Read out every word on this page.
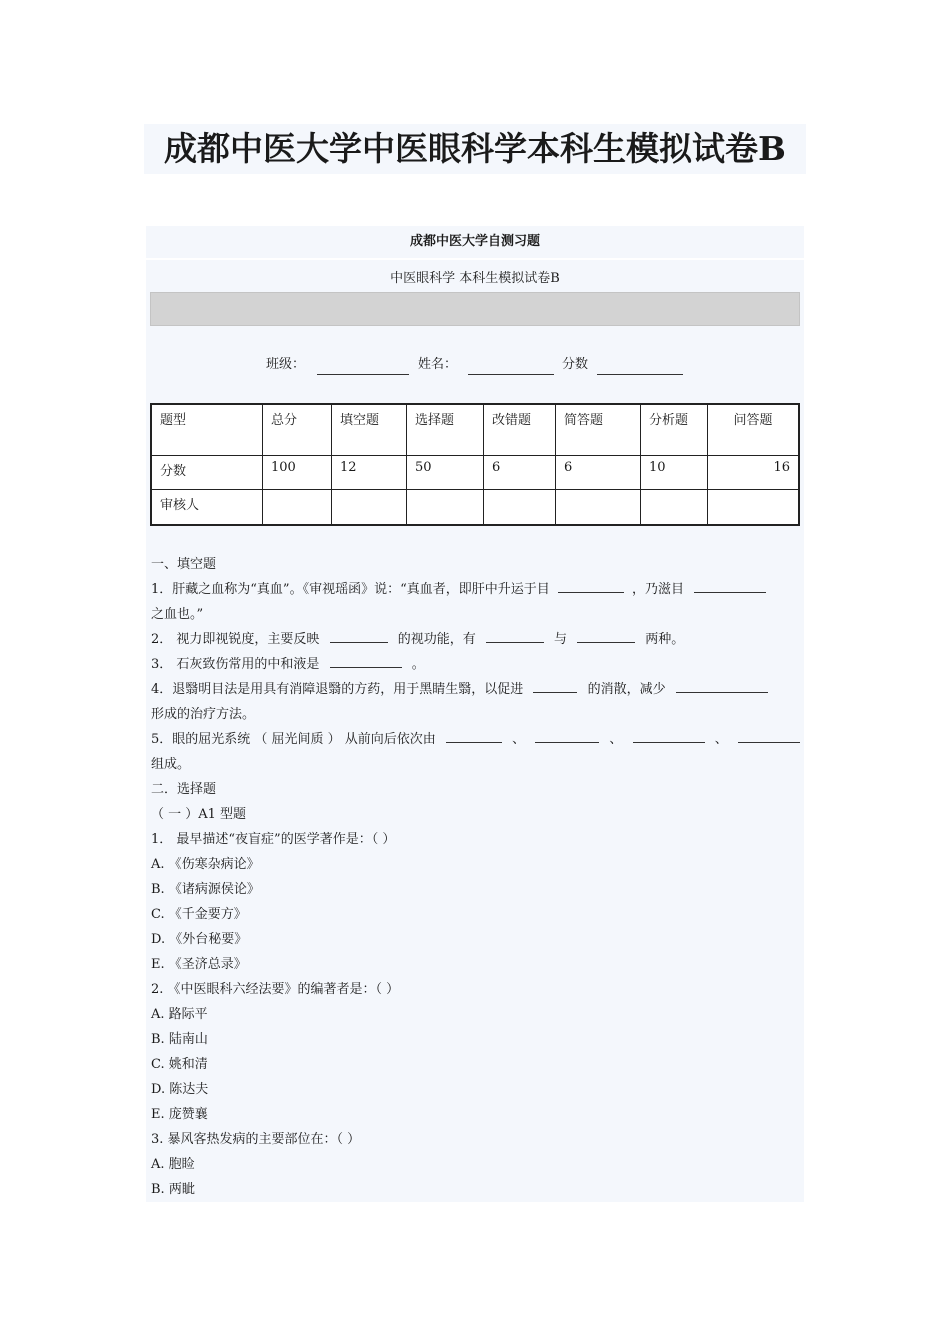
成都中医大学中医眼科学本科生模拟试卷B
成都中医大学自测习题
中医眼科学 本科生模拟试卷B

班级：

	姓名：

	分数

题型	总分	填空题	选择题	改错题	简答题	分析题	问答题
分数	100	12	50	6	6	10	16
审核人							
一、填空题
1．肝藏之血称为“真血”。《审视瑶函》说：“真血者，即肝中升运于目	，乃滋目
之血也。”
2． 视力即视锐度，主要反映	的视功能，有	与	两种。
3． 石灰致伤常用的中和液是	。
4．退翳明目法是用具有消障退翳的方药，用于黑睛生翳，以促进	的消散，减少
形成的治疗方法。
5．眼的屈光系统 （ 屈光间质 ） 从前向后依次由	、	、	、
组成。
二．选择题
（ 一 ）A1 型题
1． 最早描述“夜盲症”的医学著作是：（ ）
A. 《伤寒杂病论》
B. 《诸病源侯论》
C. 《千金要方》
D. 《外台秘要》
E. 《圣济总录》
2. 《中医眼科六经法要》的编著者是：（ ）
A. 路际平
B. 陆南山
C. 姚和清
D. 陈达夫
E. 庞赞襄
3. 暴风客热发病的主要部位在：（ ）
A. 胞睑
B. 两眦
